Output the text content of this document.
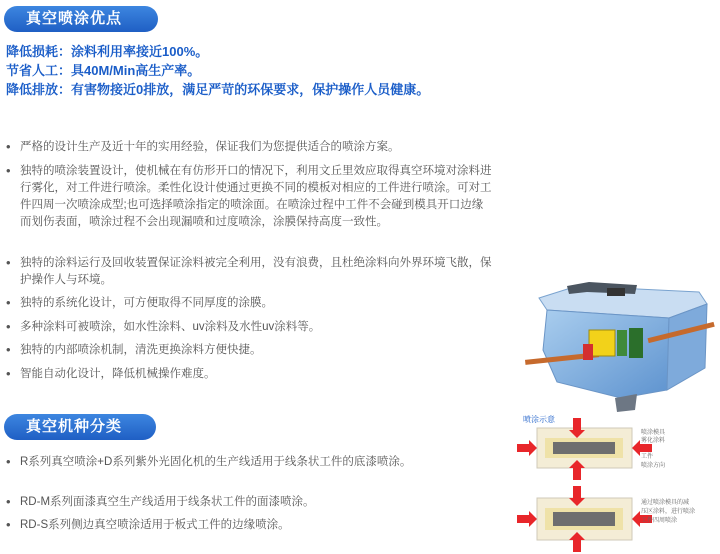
真空喷涂优点
降低损耗：涂料利用率接近100%。
节省人工：具40M/Min高生产率。
降低排放：有害物接近0排放，满足严苛的环保要求，保护操作人员健康。
• 严格的设计生产及近十年的实用经验，保证我们为您提供适合的喷涂方案。
• 独特的喷涂装置设计，使机械在有仿形开口的情况下，利用文丘里效应取得真空环境对涂料进行雾化，对工件进行喷涂。柔性化设计使通过更换不同的模板对相应的工件进行喷涂。可对工件四周一次喷涂成型;也可选择喷涂指定的喷涂面。在喷涂过程中工件不会碰到模具开口边缘而划伤表面，喷涂过程不会出现漏喷和过度喷涂，涂膜保持高度一致性。
• 独特的涂料运行及回收装置保证涂料被完全利用，没有浪费，且杜绝涂料向外界环境飞散，保护操作人与环境。
• 独特的系统化设计，可方便取得不同厚度的涂膜。
• 多种涂料可被喷涂，如水性涂料、uv涂料及水性uv涂料等。
• 独特的内部喷涂机制，清洗更换涂料方便快捷。
• 智能自动化设计，降低机械操作难度。
真空机种分类
• R系列真空喷涂+D系列紫外光固化机的生产线适用于线条状工件的底漆喷涂。
• RD-M系列面漆真空生产线适用于线条状工件的面漆喷涂。
• RD-S系列侧边真空喷涂适用于板式工件的边缘喷涂。
喷涂示意
喷涂模具
雾化涂料
工件
喷涂方向
通过喷涂模具的减
压区涂料，进行喷涂
工件四周喷涂
